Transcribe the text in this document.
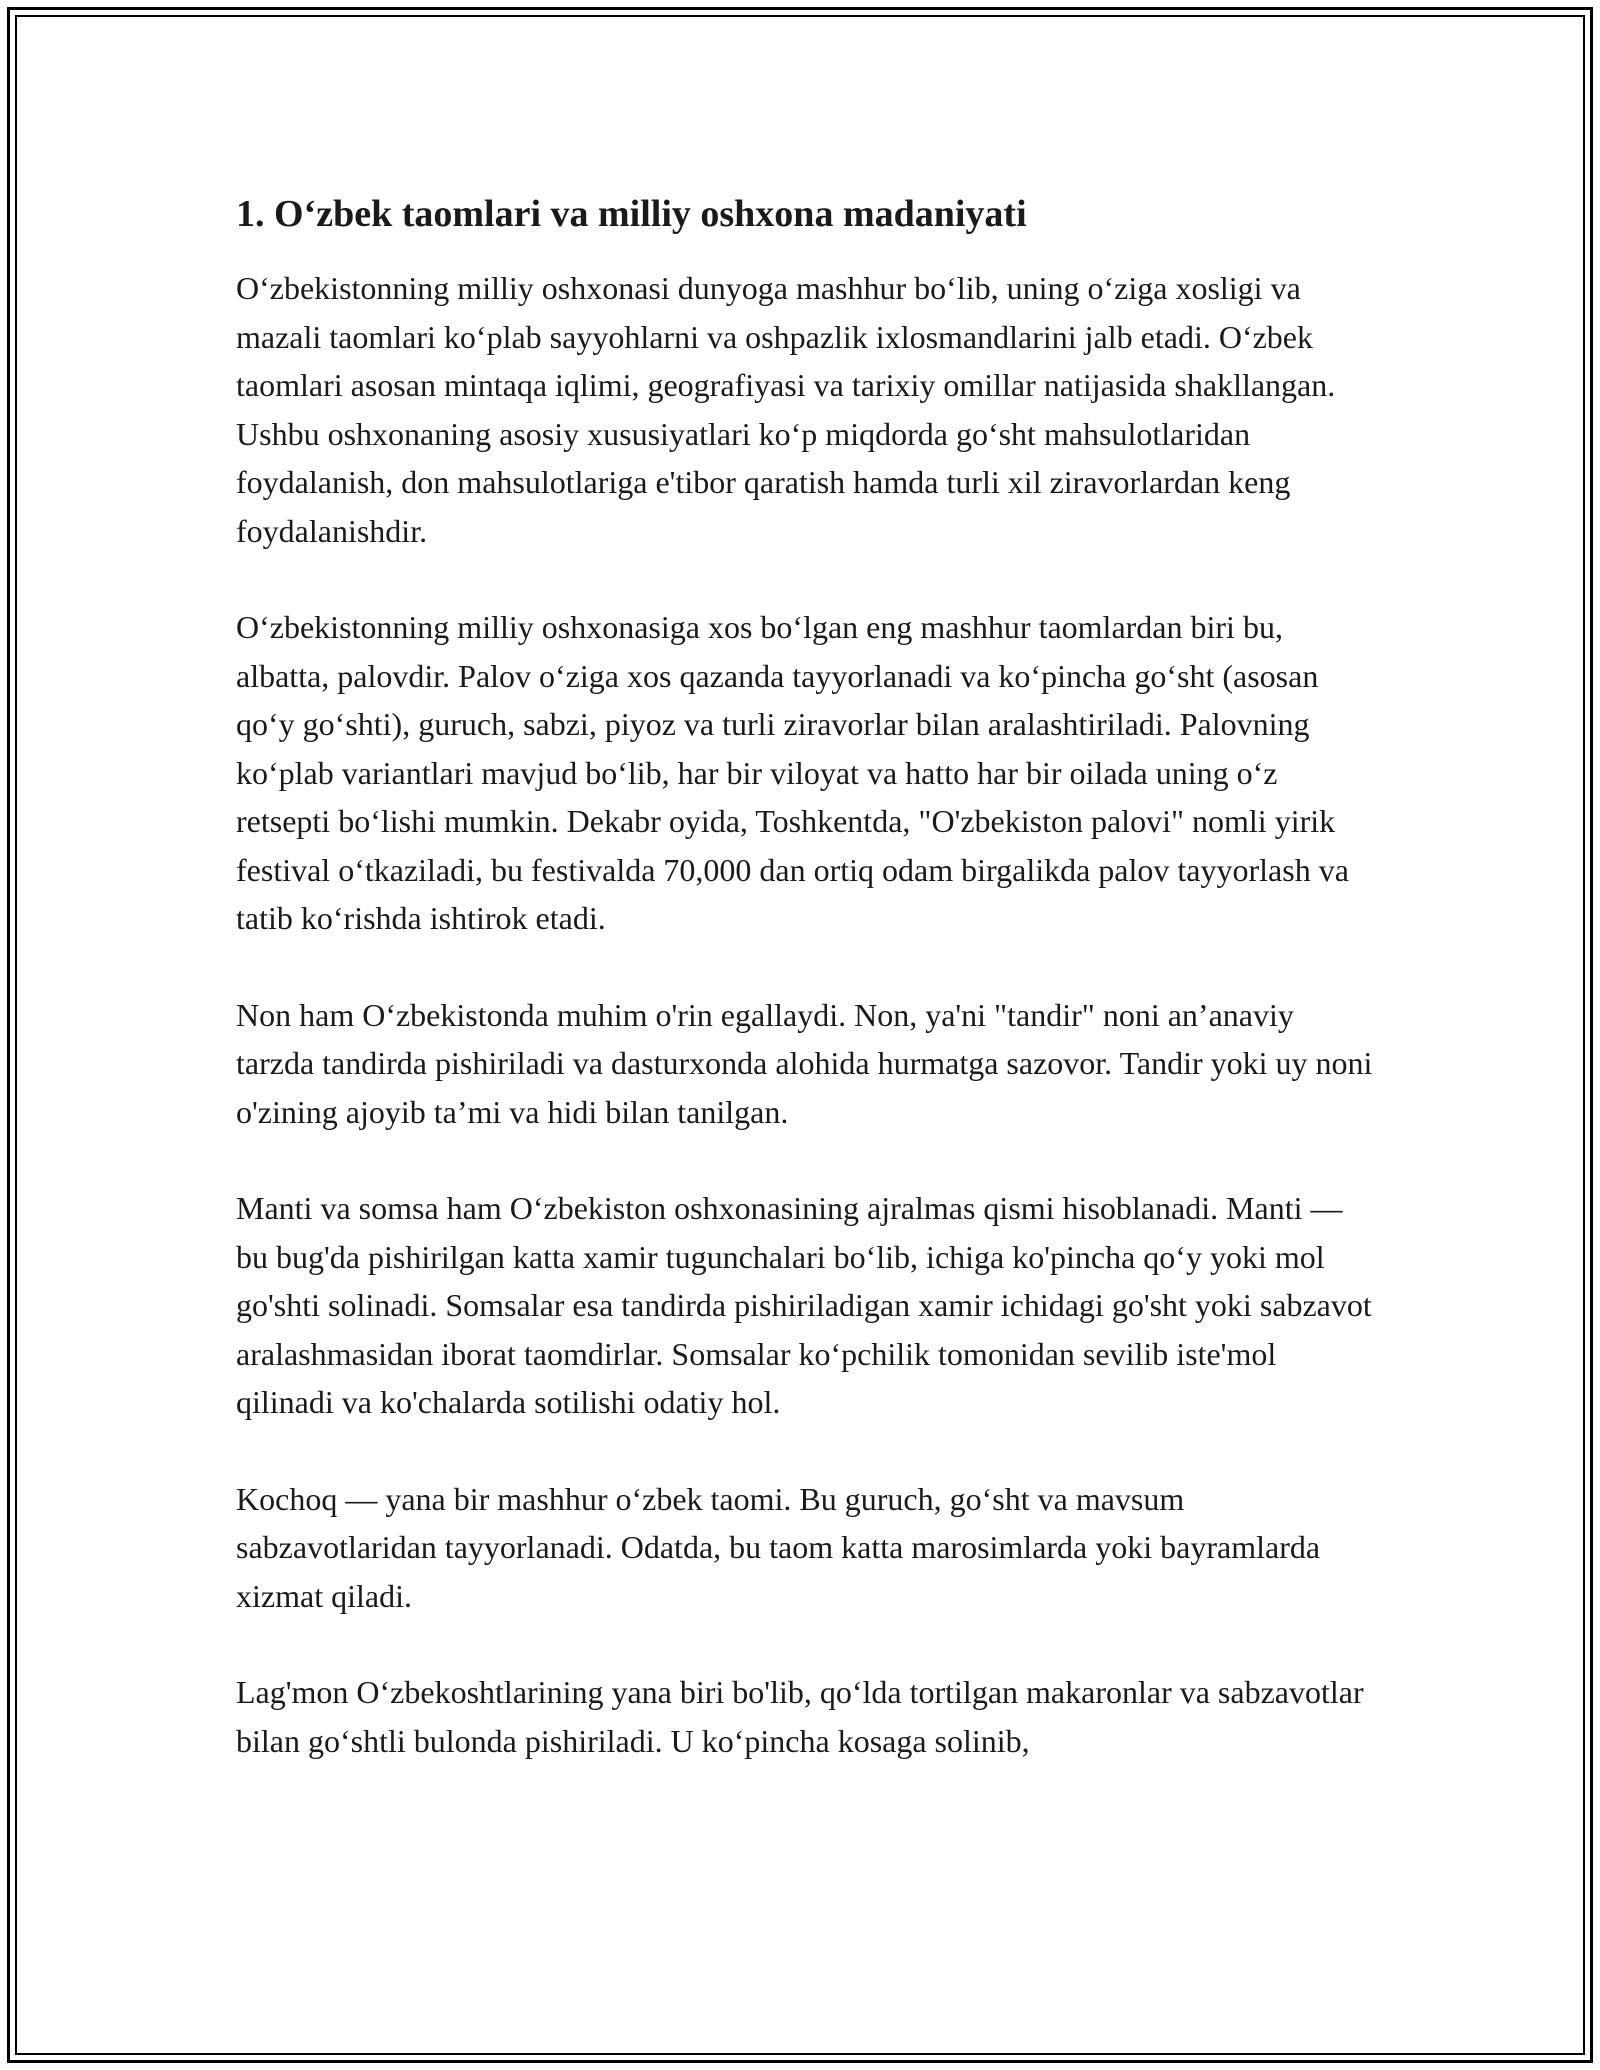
1. O‘zbek taomlari va milliy oshxona madaniyati

O‘zbekistonning milliy oshxonasi dunyoga mashhur bo‘lib, uning o‘ziga xosligi va mazali taomlari ko‘plab sayyohlarni va oshpazlik ixlosmandlarini jalb etadi. O‘zbek taomlari asosan mintaqa iqlimi, geografiyasi va tarixiy omillar natijasida shakllangan. Ushbu oshxonaning asosiy xususiyatlari ko‘p miqdorda go‘sht mahsulotlaridan foydalanish, don mahsulotlariga e'tibor qaratish hamda turli xil ziravorlardan keng foydalanishdir.

O‘zbekistonning milliy oshxonasiga xos bo‘lgan eng mashhur taomlardan biri bu, albatta, palovdir. Palov o‘ziga xos qazanda tayyorlanadi va ko‘pincha go‘sht (asosan qo‘y go‘shti), guruch, sabzi, piyoz va turli ziravorlar bilan aralashtiriladi. Palovning ko‘plab variantlari mavjud bo‘lib, har bir viloyat va hatto har bir oilada uning o‘z retsepti bo‘lishi mumkin. Dekabr oyida, Toshkentda, "O'zbekiston palovi" nomli yirik festival o‘tkaziladi, bu festivalda 70,000 dan ortiq odam birgalikda palov tayyorlash va tatib ko‘rishda ishtirok etadi.

Non ham O‘zbekistonda muhim o'rin egallaydi. Non, ya'ni "tandir" noni an’anaviy tarzda tandirda pishiriladi va dasturxonda alohida hurmatga sazovor. Tandir yoki uy noni o'zining ajoyib ta’mi va hidi bilan tanilgan.

Manti va somsa ham O‘zbekiston oshxonasining ajralmas qismi hisoblanadi. Manti — bu bug'da pishirilgan katta xamir tugunchalari bo‘lib, ichiga ko'pincha qo‘y yoki mol go'shti solinadi. Somsalar esa tandirda pishiriladigan xamir ichidagi go'sht yoki sabzavot aralashmasidan iborat taomdirlar. Somsalar ko‘pchilik tomonidan sevilib iste'mol qilinadi va ko'chalarda sotilishi odatiy hol.

Kochoq — yana bir mashhur o‘zbek taomi. Bu guruch, go‘sht va mavsum sabzavotlaridan tayyorlanadi. Odatda, bu taom katta marosimlarda yoki bayramlarda xizmat qiladi.

Lag'mon O‘zbekoshtlarining yana biri bo'lib, qo‘lda tortilgan makaronlar va sabzavotlar bilan go‘shtli bulonda pishiriladi. U ko‘pincha kosaga solinib,
